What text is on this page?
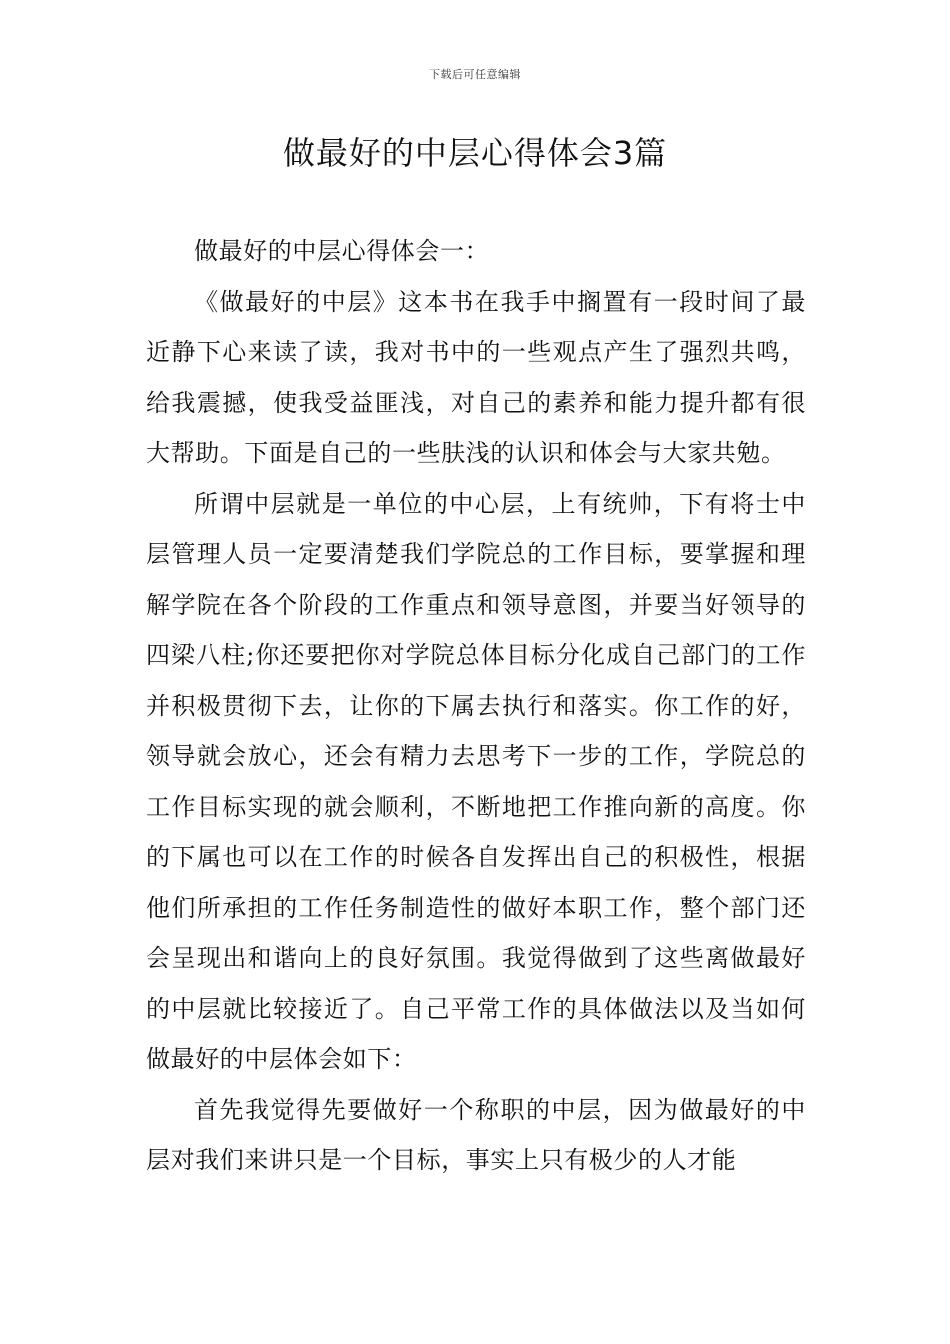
下载后可任意编辑
做最好的中层心得体会3篇

做最好的中层心得体会一：

《做最好的中层》这本书在我手中搁置有一段时间了最近静下心来读了读，我对书中的一些观点产生了强烈共鸣，给我震撼，使我受益匪浅，对自己的素养和能力提升都有很大帮助。下面是自己的一些肤浅的认识和体会与大家共勉。

所谓中层就是一单位的中心层，上有统帅，下有将士中层管理人员一定要清楚我们学院总的工作目标，要掌握和理解学院在各个阶段的工作重点和领导意图，并要当好领导的四梁八柱;你还要把你对学院总体目标分化成自己部门的工作并积极贯彻下去，让你的下属去执行和落实。你工作的好，领导就会放心，还会有精力去思考下一步的工作，学院总的工作目标实现的就会顺利，不断地把工作推向新的高度。你的下属也可以在工作的时候各自发挥出自己的积极性，根据他们所承担的工作任务制造性的做好本职工作，整个部门还会呈现出和谐向上的良好氛围。我觉得做到了这些离做最好的中层就比较接近了。自己平常工作的具体做法以及当如何做最好的中层体会如下：

首先我觉得先要做好一个称职的中层，因为做最好的中层对我们来讲只是一个目标，事实上只有极少的人才能
